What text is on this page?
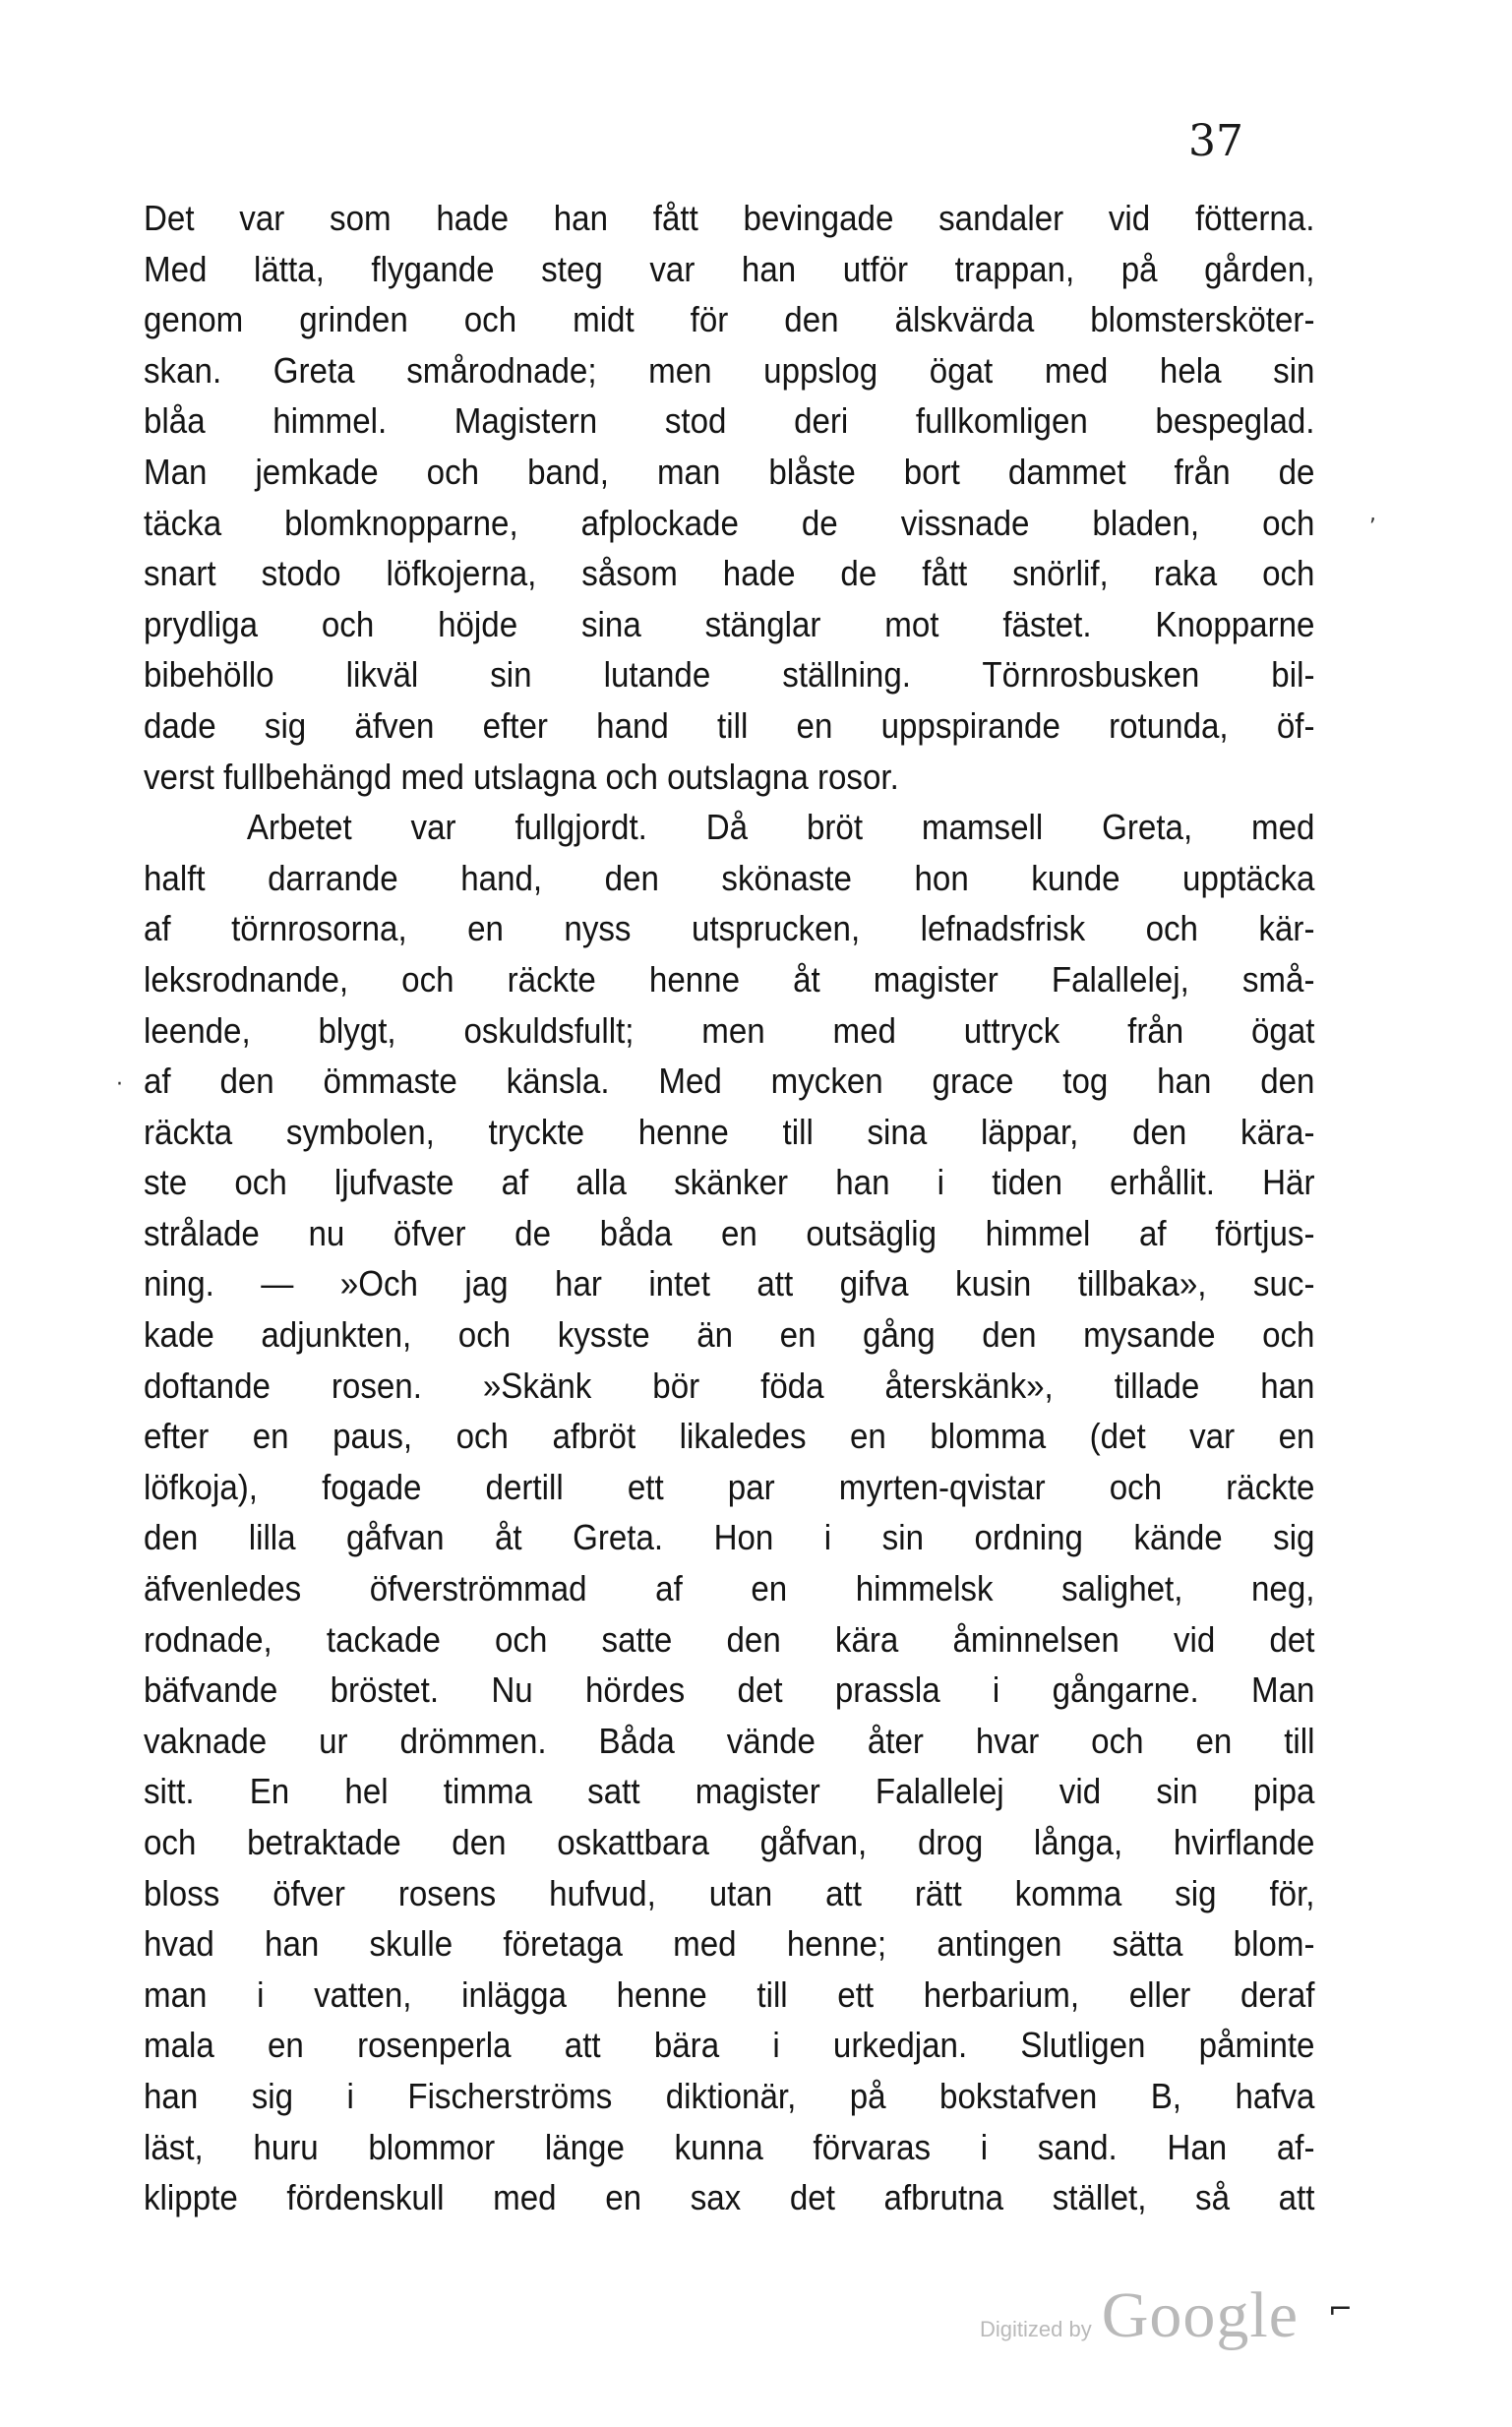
37
Det var som hade han fått bevingade sandaler vid fötterna.
Med lätta, flygande steg var han utför trappan, på gården,
genom grinden och midt för den älskvärda blomstersköter-
skan. Greta smårodnade; men uppslog ögat med hela sin
blåa himmel. Magistern stod deri fullkomligen bespeglad.
Man jemkade och band, man blåste bort dammet från de
täcka blomknopparne, afplockade de vissnade bladen, och
snart stodo löfkojerna, såsom hade de fått snörlif, raka och
prydliga och höjde sina stänglar mot fästet. Knopparne
bibehöllo likväl sin lutande ställning. Törnrosbusken bil-
dade sig äfven efter hand till en uppspirande rotunda, öf-
verst fullbehängd med utslagna och outslagna rosor.
Arbetet var fullgjordt. Då bröt mamsell Greta, med
halft darrande hand, den skönaste hon kunde upptäcka
af törnrosorna, en nyss utsprucken, lefnadsfrisk och kär-
leksrodnande, och räckte henne åt magister Falallelej, små-
leende, blygt, oskuldsfullt; men med uttryck från ögat
af den ömmaste känsla. Med mycken grace tog han den
räckta symbolen, tryckte henne till sina läppar, den kära-
ste och ljufvaste af alla skänker han i tiden erhållit. Här
strålade nu öfver de båda en outsäglig himmel af förtjus-
ning. — »Och jag har intet att gifva kusin tillbaka», suc-
kade adjunkten, och kysste än en gång den mysande och
doftande rosen. »Skänk bör föda återskänk», tillade han
efter en paus, och afbröt likaledes en blomma (det var en
löfkoja), fogade dertill ett par myrten-qvistar och räckte
den lilla gåfvan åt Greta. Hon i sin ordning kände sig
äfvenledes öfverströmmad af en himmelsk salighet, neg,
rodnade, tackade och satte den kära åminnelsen vid det
bäfvande bröstet. Nu hördes det prassla i gångarne. Man
vaknade ur drömmen. Båda vände åter hvar och en till
sitt. En hel timma satt magister Falallelej vid sin pipa
och betraktade den oskattbara gåfvan, drog långa, hvirflande
bloss öfver rosens hufvud, utan att rätt komma sig för,
hvad han skulle företaga med henne; antingen sätta blom-
man i vatten, inlägga henne till ett herbarium, eller deraf
mala en rosenperla att bära i urkedjan. Slutligen påminte
han sig i Fischerströms diktionär, på bokstafven B, hafva
läst, huru blommor länge kunna förvaras i sand. Han af-
klippte fördenskull med en sax det afbrutna stället, så att
,
·
Digitized by Google ⌐
